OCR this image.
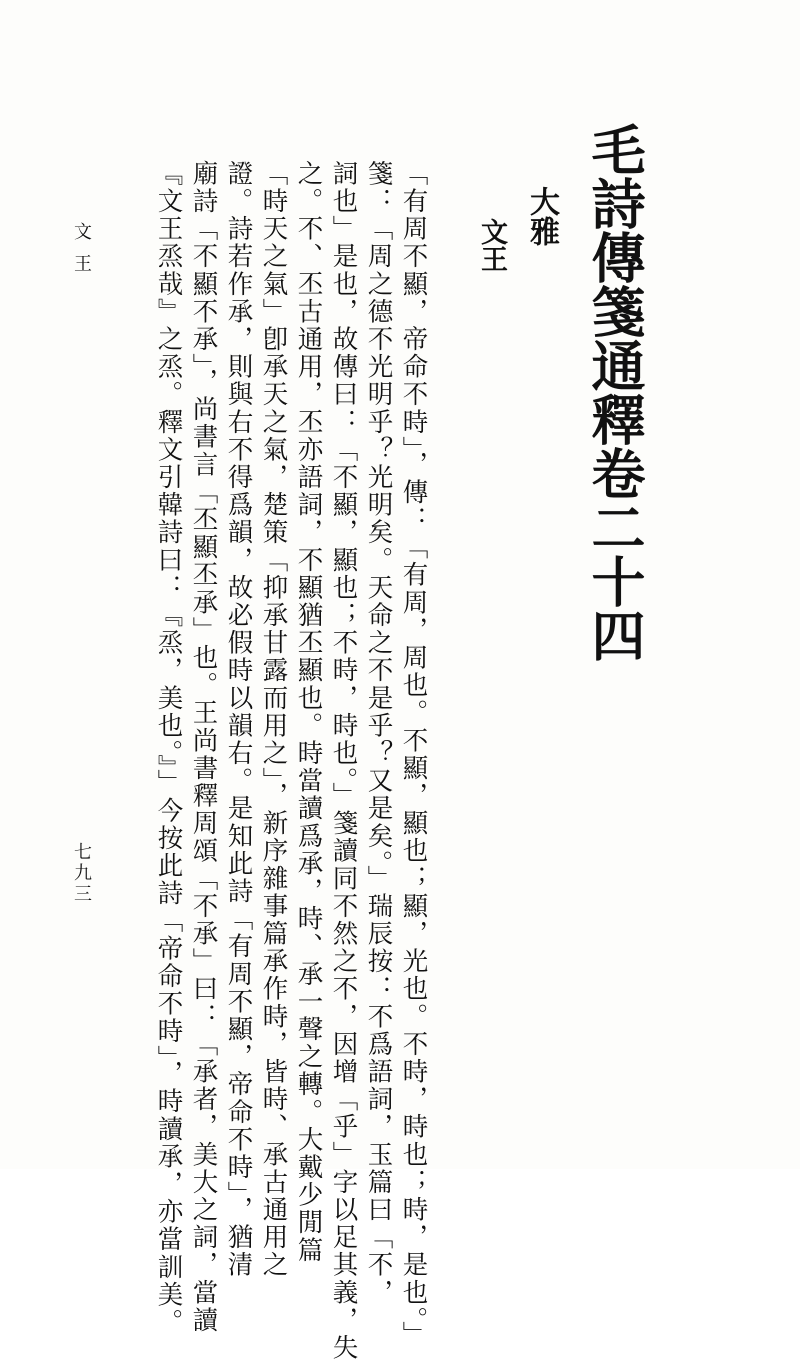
毛詩傳箋通釋卷二十四
大雅
文王
「有周不顯，帝命不時」，傳：「有周，周也。不顯，顯也；顯，光也。不時，時也；時，是也。」
箋：「周之德不光明乎？光明矣。天命之不是乎？又是矣。」瑞辰按：不爲語詞，玉篇曰「不，
詞也」是也，故傳曰：「不顯，顯也；不時，時也。」箋讀同不然之不，因增「乎」字以足其義，失
之。不、丕古通用，丕亦語詞，不顯猶丕顯也。時當讀爲承，時、承一聲之轉。大戴少閒篇
「時天之氣」卽承天之氣，楚策「抑承甘露而用之」，新序雜事篇承作時，皆時、承古通用之
證。詩若作承，則與右不得爲韻，故必假時以韻右。是知此詩「有周不顯，帝命不時」，猶清
廟詩「不顯不承」，尚書言「丕顯丕承」也。王尚書釋周頌「不承」曰：「承者，美大之詞，當讀
『文王烝哉』之烝。釋文引韓詩曰：『烝，美也。』」今按此詩「帝命不時」，時讀承，亦當訓美。
文王
七九三
